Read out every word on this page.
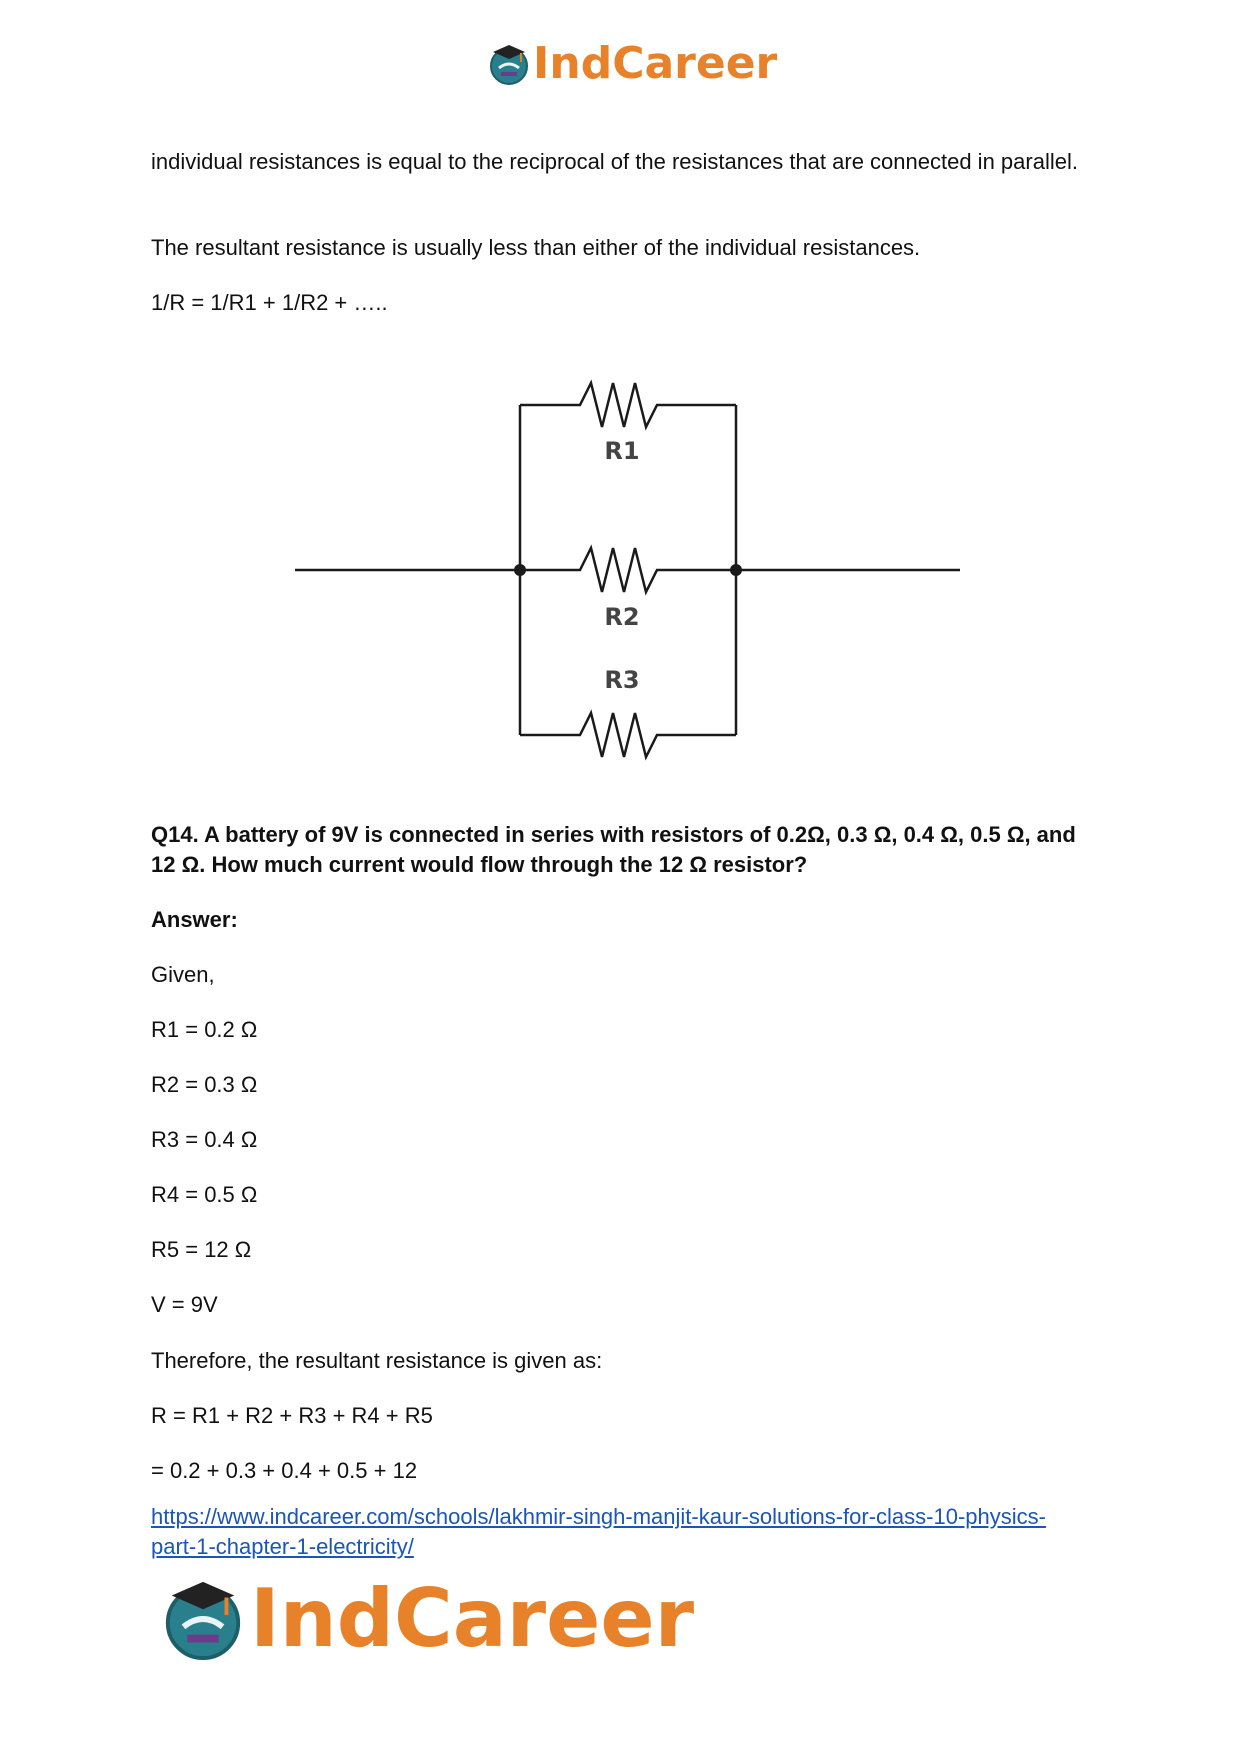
IndCareer

individual resistances is equal to the reciprocal of the resistances that are connected in parallel.

The resultant resistance is usually less than either of the individual resistances.

1/R = 1/R1 + 1/R2 + …..

R1
R2
R3

Q14. A battery of 9V is connected in series with resistors of 0.2Ω, 0.3 Ω, 0.4 Ω, 0.5 Ω, and 12 Ω. How much current would flow through the 12 Ω resistor?

Answer:

Given,

R1 = 0.2 Ω

R2 = 0.3 Ω

R3 = 0.4 Ω

R4 = 0.5 Ω

R5 = 12 Ω

V = 9V

Therefore, the resultant resistance is given as:

R = R1 + R2 + R3 + R4 + R5

= 0.2 + 0.3 + 0.4 + 0.5 + 12

https://www.indcareer.com/schools/lakhmir-singh-manjit-kaur-solutions-for-class-10-physics-part-1-chapter-1-electricity/

IndCareer
